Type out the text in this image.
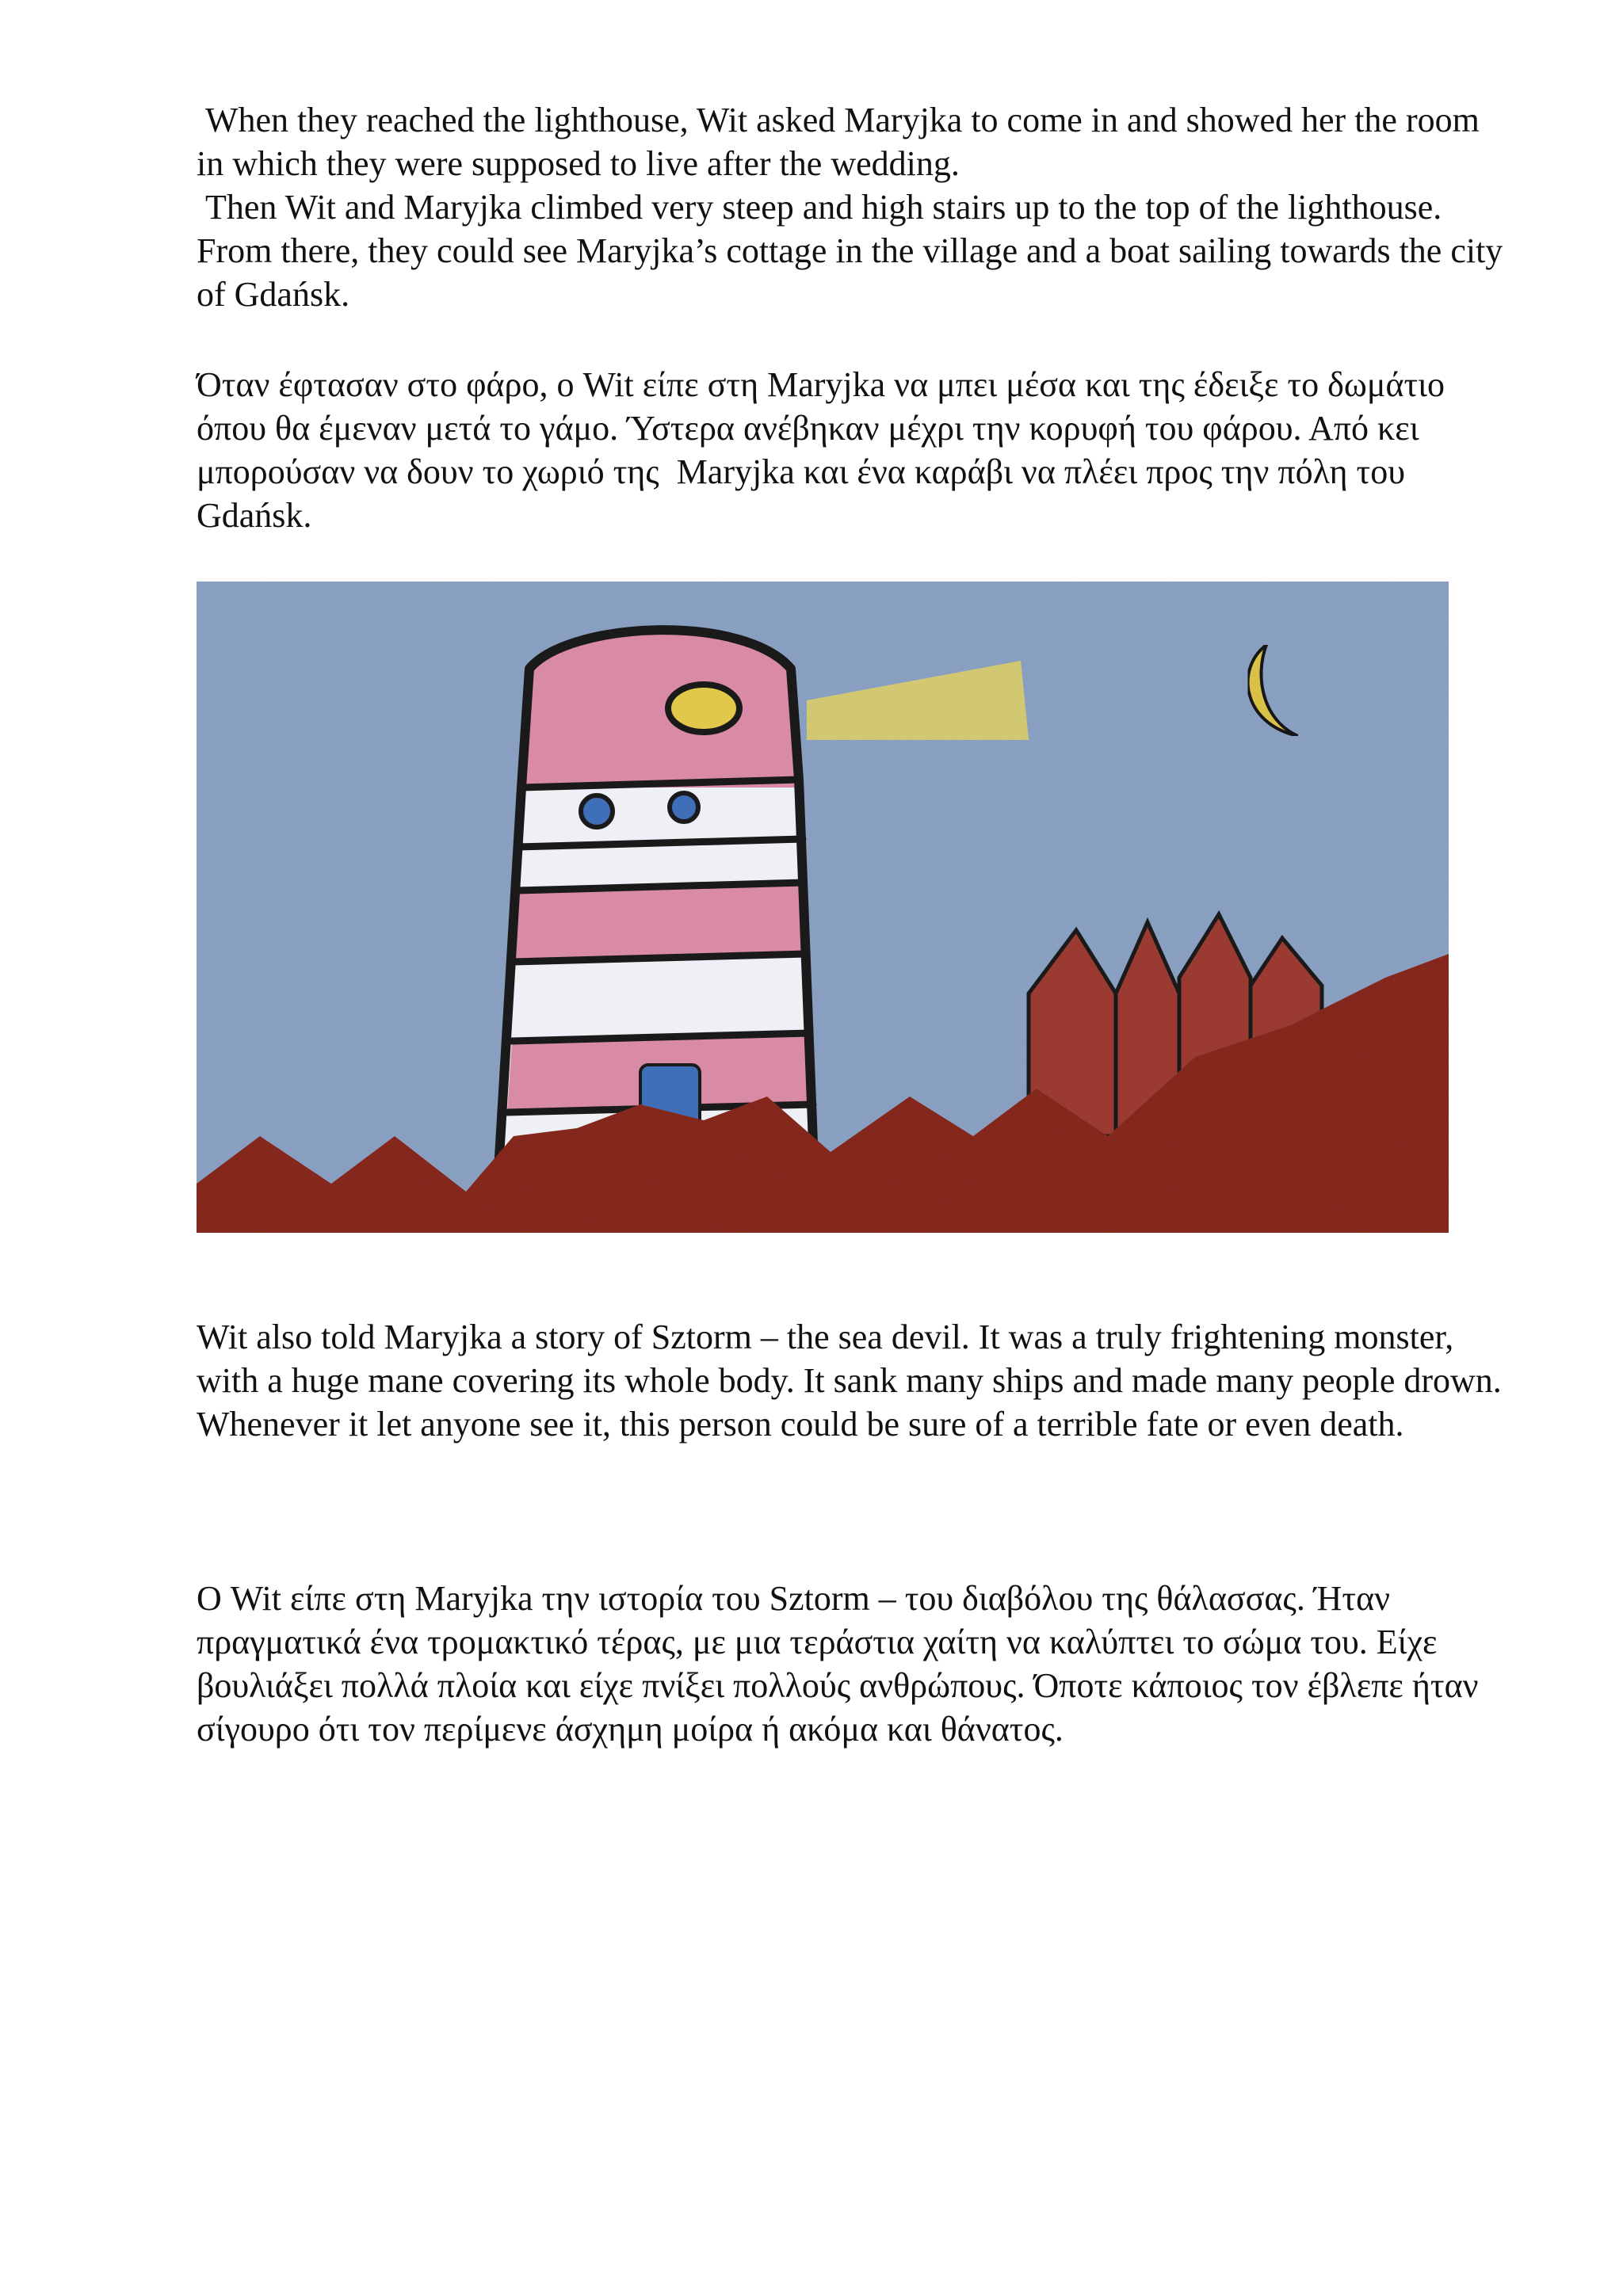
When they reached the lighthouse, Wit asked Maryjka to come in and showed her the room in which they were supposed to live after the wedding.

Then Wit and Maryjka climbed very steep and high stairs up to the top of the lighthouse. From there, they could see Maryjka’s cottage in the village and a boat sailing towards the city of Gdańsk.

Όταν έφτασαν στο φάρο, ο Wit είπε στη Maryjka να μπει μέσα και της έδειξε το δωμάτιο όπου θα έμεναν μετά το γάμο. Ύστερα ανέβηκαν μέχρι την κορυφή του φάρου. Από κει μπορούσαν να δουν το χωριό της  Maryjka και ένα καράβι να πλέει προς την πόλη του Gdańsk.

Wit also told Maryjka a story of Sztorm – the sea devil. It was a truly frightening monster, with a huge mane covering its whole body. It sank many ships and made many people drown. Whenever it let anyone see it, this person could be sure of a terrible fate or even death.

Ο Wit είπε στη Maryjka την ιστορία του Sztorm – του διαβόλου της θάλασσας. Ήταν πραγματικά ένα τρομακτικό τέρας, με μια τεράστια χαίτη να καλύπτει το σώμα του. Είχε βουλιάξει πολλά πλοία και είχε πνίξει πολλούς ανθρώπους. Όποτε κάποιος τον έβλεπε ήταν σίγουρο ότι τον περίμενε άσχημη μοίρα ή ακόμα και θάνατος.
